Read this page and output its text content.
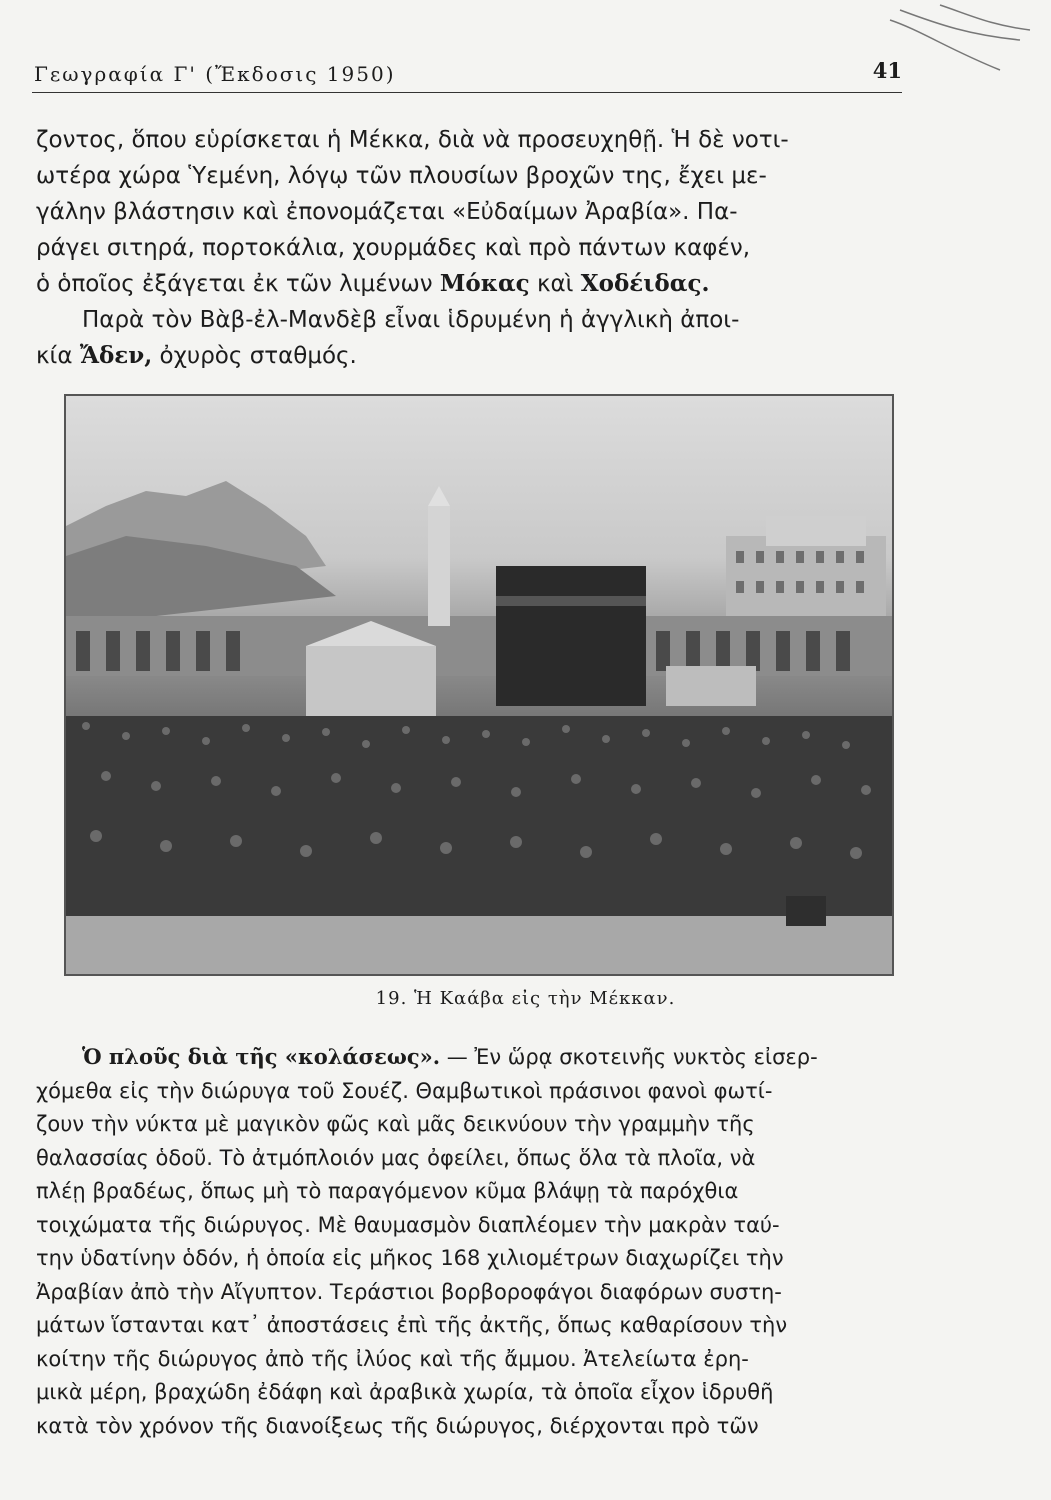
Γεωγραφία Γ' (Ἔκδοσις 1950)	41
ζοντος, ὅπου εὑρίσκεται ἡ Μέκκα, διὰ νὰ προσευχηθῇ. Ἡ δὲ νοτι-
ωτέρα χώρα Ὑεμένη, λόγῳ τῶν πλουσίων βροχῶν της, ἔχει με-
γάλην βλάστησιν καὶ ἐπονομάζεται «Εὐδαίμων Ἀραβία». Πα-
ράγει σιτηρά, πορτοκάλια, χουρμάδες καὶ πρὸ πάντων καφέν,
ὁ ὁποῖος ἐξάγεται ἐκ τῶν λιμένων Μόκας καὶ Χοδέιδας.
Παρὰ τὸν Βὰβ-ἐλ-Μανδὲβ εἶναι ἱδρυμένη ἡ ἀγγλικὴ ἀποι-
κία Ἄδεν, ὀχυρὸς σταθμός.
19. Ἡ Καάβα εἰς τὴν Μέκκαν.
Ὁ πλοῦς διὰ τῆς «κολάσεως». — Ἐν ὥρᾳ σκοτεινῆς νυκτὸς εἰσερ-
χόμεθα εἰς τὴν διώρυγα τοῦ Σουέζ. Θαμβωτικοὶ πράσινοι φανοὶ φωτί-
ζουν τὴν νύκτα μὲ μαγικὸν φῶς καὶ μᾶς δεικνύουν τὴν γραμμὴν τῆς
θαλασσίας ὁδοῦ. Τὸ ἀτμόπλοιόν μας ὀφείλει, ὅπως ὅλα τὰ πλοῖα, νὰ
πλέῃ βραδέως, ὅπως μὴ τὸ παραγόμενον κῦμα βλάψῃ τὰ παρόχθια
τοιχώματα τῆς διώρυγος. Μὲ θαυμασμὸν διαπλέομεν τὴν μακρὰν ταύ-
την ὑδατίνην ὁδόν, ἡ ὁποία εἰς μῆκος 168 χιλιομέτρων διαχωρίζει τὴν
Ἀραβίαν ἀπὸ τὴν Αἴγυπτον. Τεράστιοι βορβοροφάγοι διαφόρων συστη-
μάτων ἵστανται κατ᾽ ἀποστάσεις ἐπὶ τῆς ἀκτῆς, ὅπως καθαρίσουν τὴν
κοίτην τῆς διώρυγος ἀπὸ τῆς ἰλύος καὶ τῆς ἄμμου. Ἀτελείωτα ἐρη-
μικὰ μέρη, βραχώδη ἐδάφη καὶ ἀραβικὰ χωρία, τὰ ὁποῖα εἶχον ἱδρυθῆ
κατὰ τὸν χρόνον τῆς διανοίξεως τῆς διώρυγος, διέρχονται πρὸ τῶν
